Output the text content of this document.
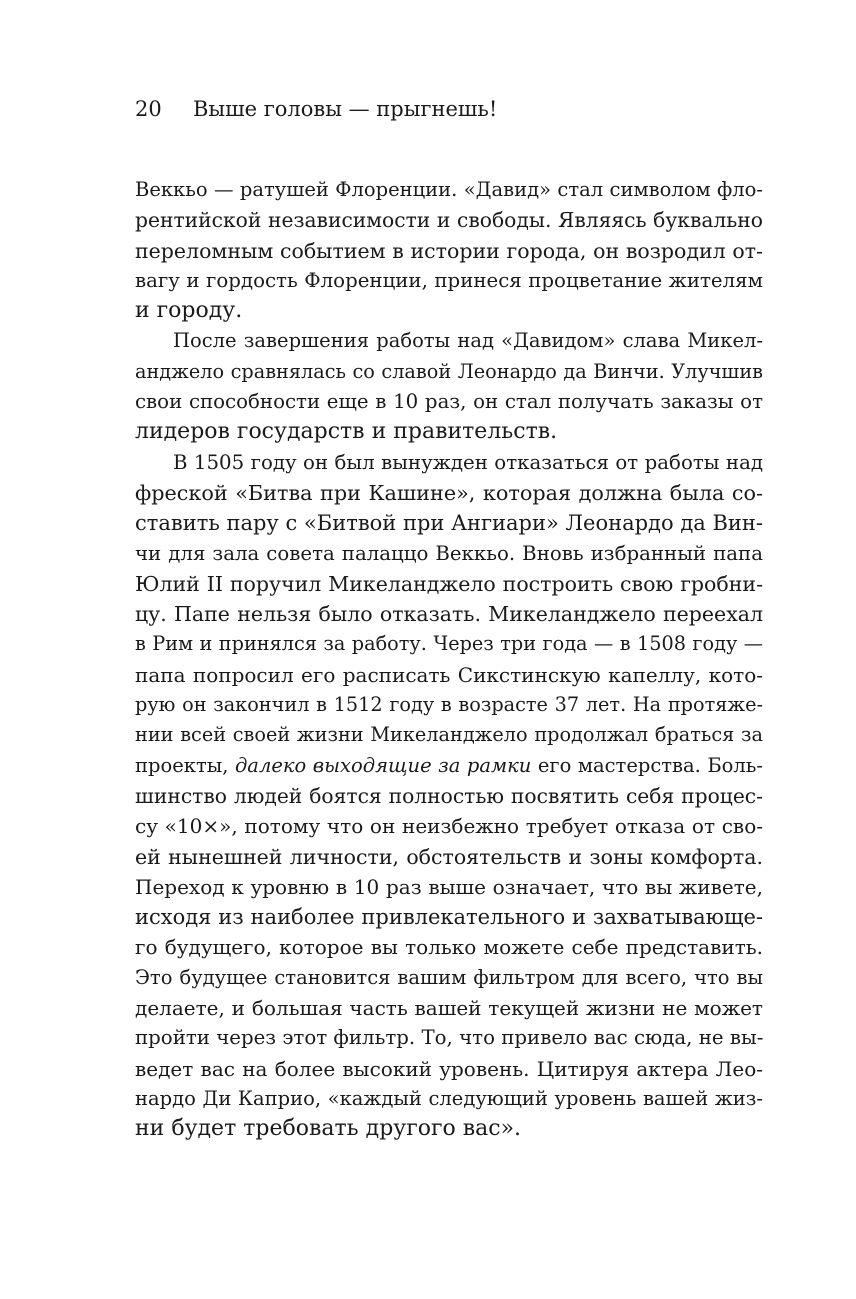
20 Выше головы — прыгнешь!
Веккьо — ратушей Флоренции. «Давид» стал символом фло-
рентийской независимости и свободы. Являясь буквально
переломным событием в истории города, он возродил от-
вагу и гордость Флоренции, принеся процветание жителям
и городу.
После завершения работы над «Давидом» слава Микел-
анджело сравнялась со славой Леонардо да Винчи. Улучшив
свои способности еще в 10 раз, он стал получать заказы от
лидеров государств и правительств.
В 1505 году он был вынужден отказаться от работы над
фреской «Битва при Кашине», которая должна была со-
ставить пару с «Битвой при Ангиари» Леонардо да Вин-
чи для зала совета палаццо Веккьо. Вновь избранный папа
Юлий II поручил Микеланджело построить свою гробни-
цу. Папе нельзя было отказать. Микеланджело переехал
в Рим и принялся за работу. Через три года — в 1508 году —
папа попросил его расписать Сикстинскую капеллу, кото-
рую он закончил в 1512 году в возрасте 37 лет. На протяже-
нии всей своей жизни Микеланджело продолжал браться за
проекты, далеко выходящие за рамки его мастерства. Боль-
шинство людей боятся полностью посвятить себя процес-
су «10×», потому что он неизбежно требует отказа от сво-
ей нынешней личности, обстоятельств и зоны комфорта.
Переход к уровню в 10 раз выше означает, что вы живете,
исходя из наиболее привлекательного и захватывающе-
го будущего, которое вы только можете себе представить.
Это будущее становится вашим фильтром для всего, что вы
делаете, и большая часть вашей текущей жизни не может
пройти через этот фильтр. То, что привело вас сюда, не вы-
ведет вас на более высокий уровень. Цитируя актера Лео-
нардо Ди Каприо, «каждый следующий уровень вашей жиз-
ни будет требовать другого вас».
